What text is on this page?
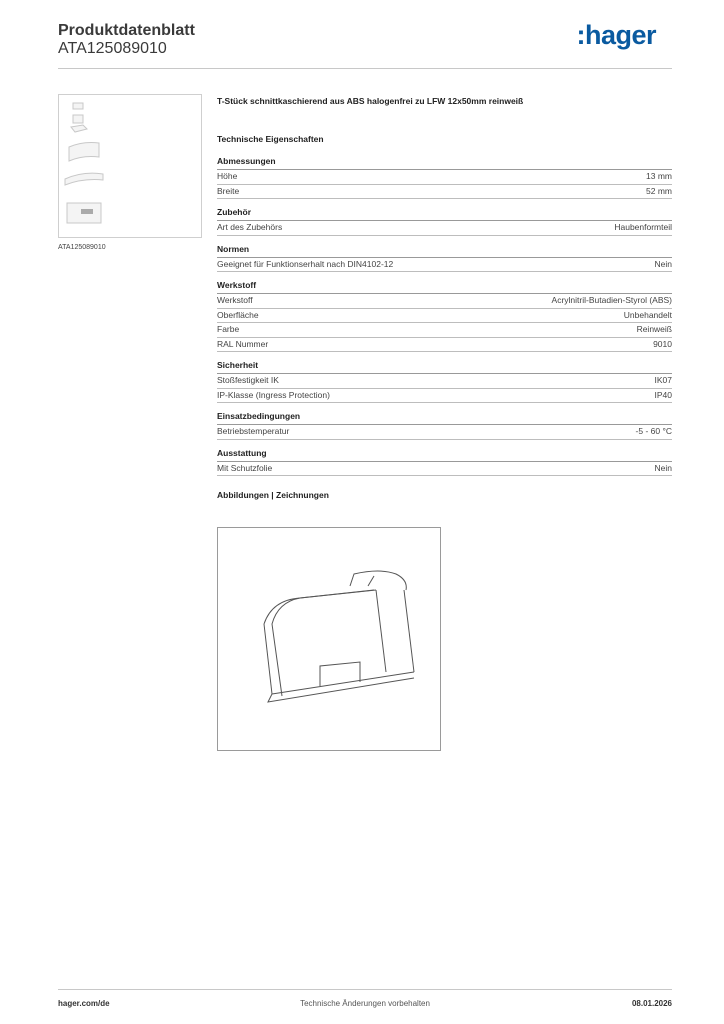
Produktdatenblatt
ATA125089010	:hager
ATA125089010
T-Stück schnittkaschierend aus ABS halogenfrei zu LFW 12x50mm reinweiß
Technische Eigenschaften
Abmessungen
Höhe	13 mm
Breite	52 mm
Zubehör
Art des Zubehörs	Haubenformteil
Normen
Geeignet für Funktionserhalt nach DIN4102-12	Nein
Werkstoff
Werkstoff	Acrylnitril-Butadien-Styrol (ABS)
Oberfläche	Unbehandelt
Farbe	Reinweiß
RAL Nummer	9010
Sicherheit
Stoßfestigkeit IK	IK07
IP-Klasse (Ingress Protection)	IP40
Einsatzbedingungen
Betriebstemperatur	-5 - 60 °C
Ausstattung
Mit Schutzfolie	Nein
Abbildungen | Zeichnungen
hager.com/de	Technische Änderungen vorbehalten	08.01.2026
